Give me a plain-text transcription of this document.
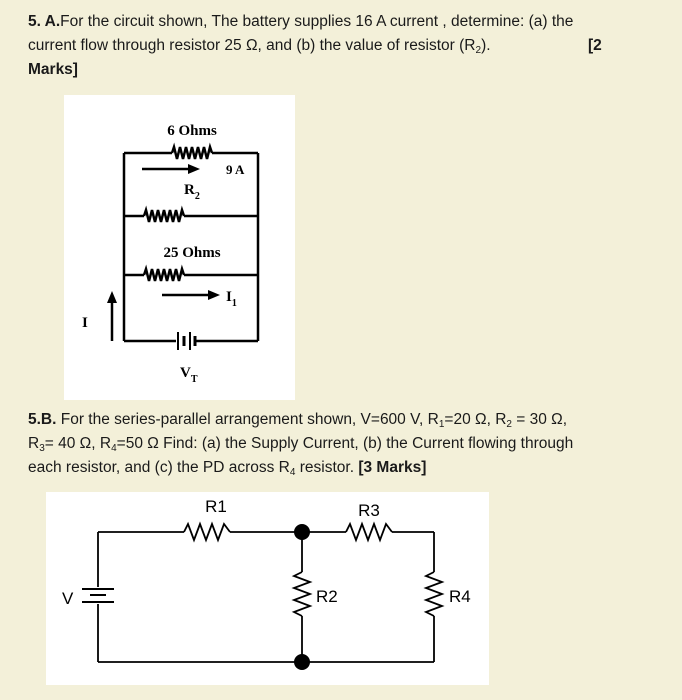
5. A.For the circuit shown, The battery supplies 16 A current , determine: (a) the
current flow through resistor 25 Ω, and (b) the value of resistor $(R_2)$.	[2
Marks]
6 Ohms
9 A
$R_2$
25 Ohms
$I_1$
I
$V_T$
5.B. For the series-parallel arrangement shown, V=600 V, $R_1=20$ Ω, $R_2 = 30$ Ω,
$R_3= 40$ Ω, $R_4=50$ Ω Find: (a) the Supply Current, (b) the Current flowing through
each resistor, and (c) the PD across $R_4$ resistor. [3 Marks]
R1	R3
R2	R4
V
